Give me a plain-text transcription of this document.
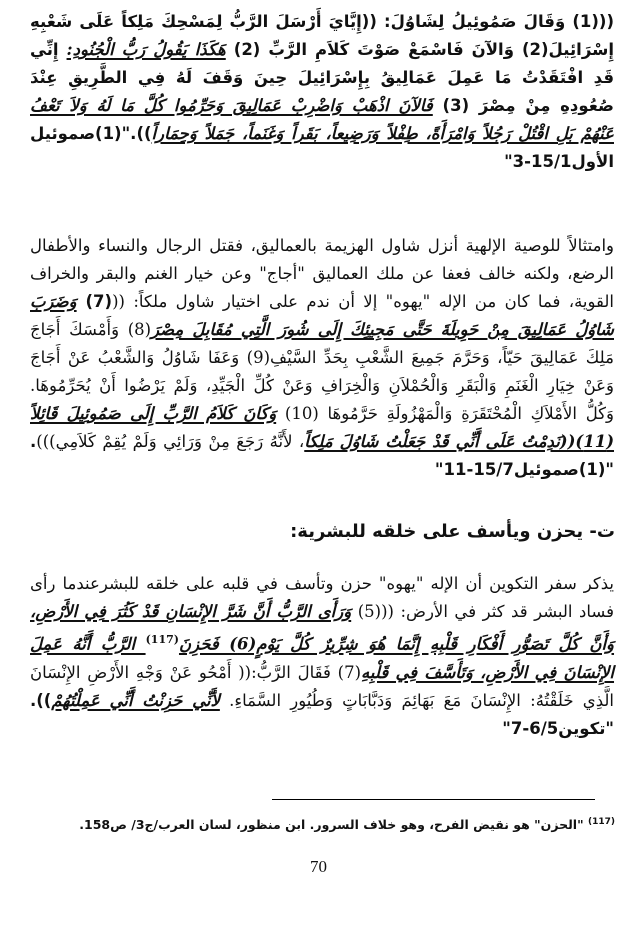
(((1) وَقَالَ صَمُوئِيلُ لِشَاوُلَ: ((إِيَّايَ أَرْسَلَ الرَّبُّ لِمَسْحِكَ مَلِكاً عَلَى شَعْبِهِ إِسْرَائِيلَ(2) وَالآنَ فَاسْمَعْ صَوْتَ كَلاَمِ الرَّبِّ (2) هَكَذَا يَقُولُ رَبُّ الْجُنُودِ: إِنِّي قَدِ افْتَقَدْتُ مَا عَمِلَ عَمَالِيقُ بِإِسْرَائِيلَ حِينَ وَقَفَ لَهُ فِي الطَّرِيقِ عِنْدَ صُعُودِهِ مِنْ مِصْرَ (3) فَالآنَ اذْهَبْ وَاضْرِبْ عَمَالِيقَ وَحَرِّمُوا كُلَّ مَا لَهُ وَلاَ تَعْفُ عَنْهُمْ بَلِ اقْتُلْ رَجُلاً وَامْرَأَةً، طِفْلاً وَرَضِيعاً، بَقَراً وَغَنَماً، جَمَلاً وَحِمَاراً))."(1)صموئيل الأول15/1-3"

وامتثالاً للوصية الإلهية أنزل شاول الهزيمة بالعماليق، فقتل الرجال والنساء والأطفال الرضع، ولكنه خالف فعفا عن ملك العماليق "أجاج" وعن خيار الغنم والبقر والخراف القوية، فما كان من الإله "يهوه" إلا أن ندم على اختيار شاول ملكاً: (((7) وَضَرَبَ شَاوُلُ عَمَالِيقَ مِنْ حَوِيلَةَ حَتَّى مَجِيئِكَ إِلَى شُورَ الَّتِي مُقَابِلَ مِصْرَ(8) وَأَمْسَكَ أَجَاجَ مَلِكَ عَمَالِيقَ حَيّاً، وَحَرَّمَ جَمِيعَ الشَّعْبِ بِحَدِّ السَّيْفِ(9) وَعَفَا شَاوُلُ وَالشَّعْبُ عَنْ أَجَاجَ وَعَنْ خِيَارِ الْغَنَمِ وَالْبَقَرِ وَالْحُمْلاَنِ وَالْخِرَافِ وَعَنْ كُلِّ الْجَيِّدِ، وَلَمْ يَرْضُوا أَنْ يُحَرِّمُوهَا. وَكُلُّ الأَمْلاَكِ الْمُحْتَقَرَةِ وَالْمَهْزُولَةِ حَرَّمُوهَا (10) وَكَانَ كَلاَمُ الرَّبِّ إِلَى صَمُوئِيلَ قَائِلاً (11)((نَدِمْتُ عَلَى أَنِّي قَدْ جَعَلْتُ شَاوُلَ مَلِكاً، لأَنَّهُ رَجَعَ مِنْ وَرَائِي وَلَمْ يُقِمْ كَلاَمِي))). "(1)صموئيل15/7-11"

ت- يحزن ويأسف على خلقه للبشرية:

يذكر سفر التكوين أن الإله "يهوه" حزن وتأسف في قلبه على خلقه للبشرعندما رأى فساد البشر قد كثر في الأرض: (((5) وَرَأَى الرَّبُّ أَنَّ شَرَّ الإِنْسَانِ قَدْ كَثُرَ فِي الأَرْضِ، وَأَنَّ كُلَّ تَصَوُّرِ أَفْكَارِ قَلْبِهِ إِنَّمَا هُوَ شِرِّيرٌ كُلَّ يَوْمٍ(6) فَحَزِنَ$^{(117)}$ الرَّبُّ أَنَّهُ عَمِلَ الإِنْسَانَ فِي الأَرْضِ، وَتَأَسَّفَ فِي قَلْبِهِ(7) فَقَالَ الرَّبُّ:(( أَمْحُو عَنْ وَجْهِ الأَرْضِ الإِنْسَانَ الَّذِي خَلَقْتُهُ: الإِنْسَانَ مَعَ بَهَائِمَ وَدَبَّابَاتٍ وَطُيُورِ السَّمَاءِ. لأَنِّي حَزِنْتُ أَنِّي عَمِلْتُهُمْ)). "تكوين6/5-7"

$^{(117)}$ "الحزن" هو نقيض الفرح، وهو خلاف السرور. ابن منظور، لسان العرب/ج3/ ص158.

70
